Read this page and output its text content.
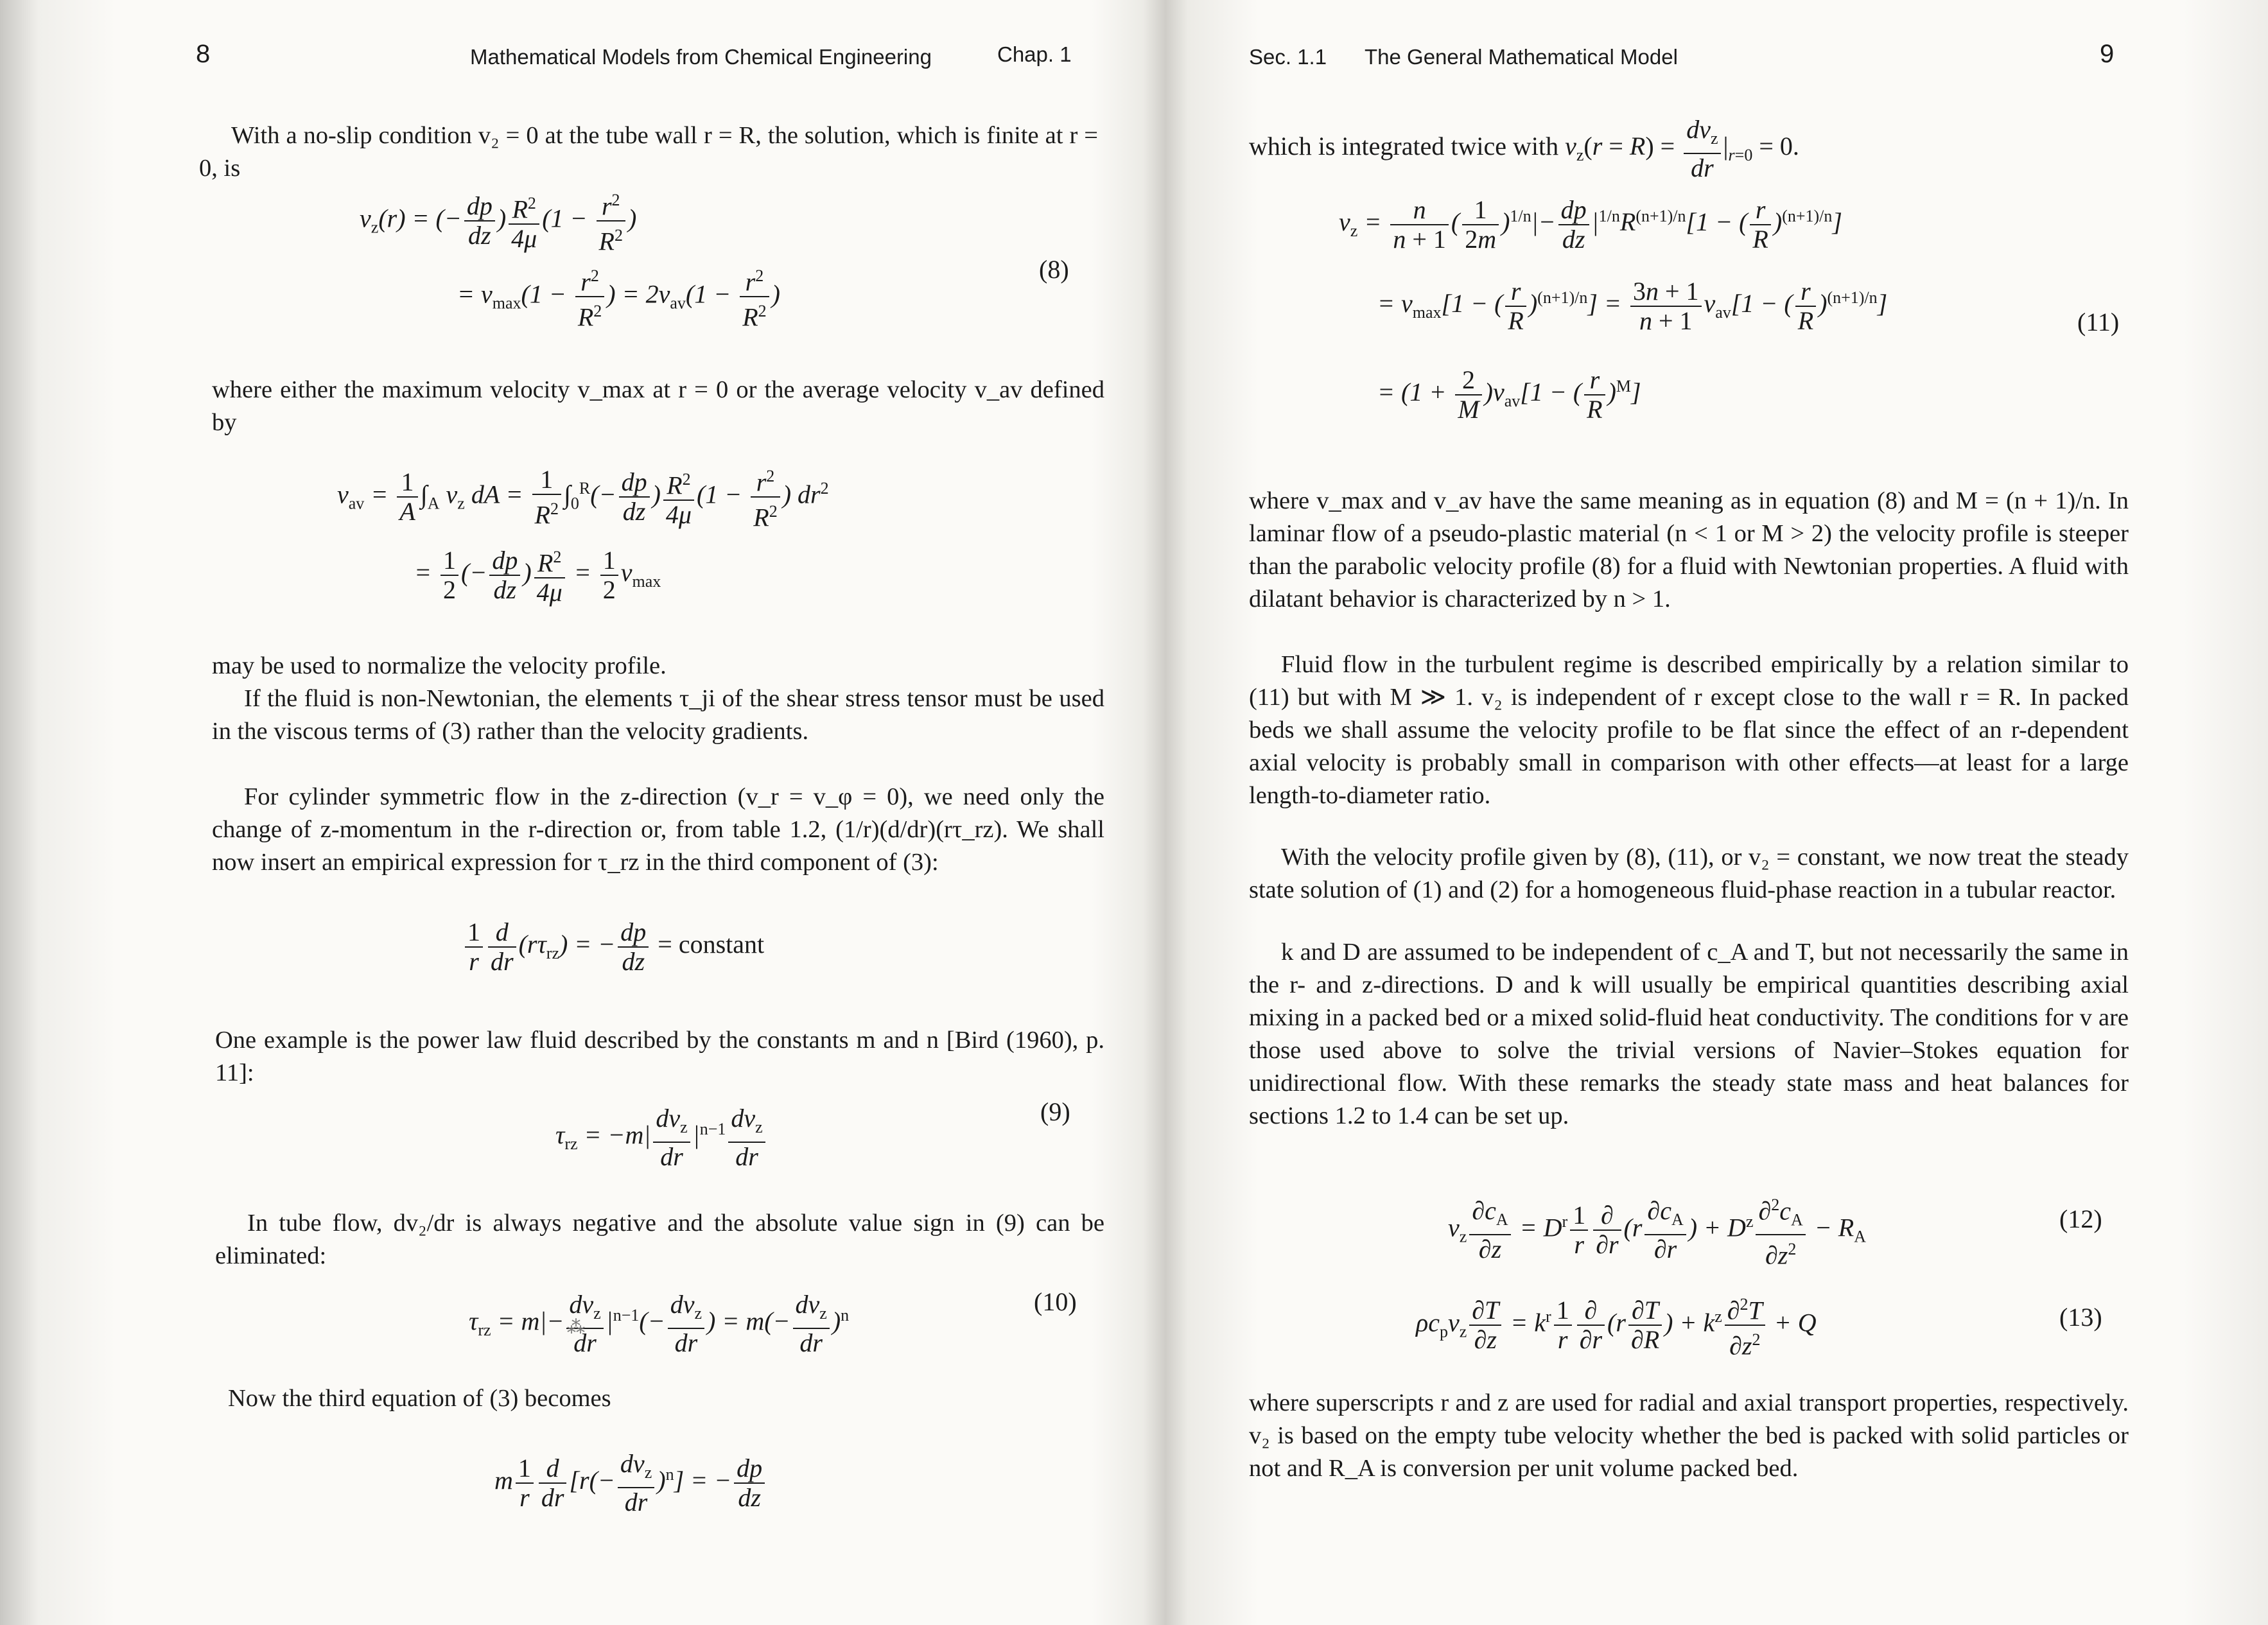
8	Mathematical Models from Chemical Engineering	Chap. 1

With a no-slip condition v₂ = 0 at the tube wall r = R, the solution, which is finite at r = 0, is

$v_z(r)$ = (− $\frac{dp}{dz}$ ) $\frac{R^2}{4\mu} (1 - \frac{r^2}{R^2}$ )
= $v_{max}(1 - \frac{r^2}{R^2}$ ) = $2v_{av}(1 - \frac{r^2}{R^2}$ )
(8)

where either the maximum velocity v_max at r = 0 or the average velocity v_av defined by

$v_{av} = \frac{1}{A} \int_A$ $v_z$ dA = $\frac{1}{R^2} \int_0^R(- \frac{dp}{dz}$ ) $\frac{R^2}{4\mu} (1 - \frac{r^2}{R^2}$ ) $dr^2$
= $\frac{1}{2}$ (− $\frac{dp}{dz}$ ) $\frac{R^2}{4\mu} = \frac{1}{2} v_{max}$

may be used to normalize the velocity profile.

If the fluid is non-Newtonian, the elements τ_ji of the shear stress tensor must be used in the viscous terms of (3) rather than the velocity gradients.

For cylinder symmetric flow in the z-direction (v_r = v_φ = 0), we need only the change of z-momentum in the r-direction or, from table 1.2, (1/r)(d/dr)(rτ_rz). We shall now insert an empirical expression for τ_rz in the third component of (3):

$\frac{1}{r} \frac{d}{dr} (r\tau_{rz})$ = − $\frac{dp}{dz}$ = constant

One example is the power law fluid described by the constants m and n [Bird (1960), p. 11]:

$\tau_{rz} = -m| \frac{dv_z}{dr} |^{n-1} \frac{dv_z}{dr}$	(9)

In tube flow, dv₂/dr is always negative and the absolute value sign in (9) can be eliminated:

$\tau_{rz} = m|- \frac{dv_z}{dr} |^{n-1}(- \frac{dv_z}{dr}$ ) = $m(- \frac{dv_z}{dr} )^n$	(10)
⁂

Now the third equation of (3) becomes

m $\frac{1}{r} \frac{d}{dr} [r(- \frac{dv_z}{dr} )^n]$ = − $\frac{dp}{dz}$
Sec. 1.1 The General Mathematical Model	9
which is integrated twice with $v_z(r = R) = \frac{dv_z}{dr} |_{r=0} = 0$.
$v_z = \frac{n}{n + 1}$ ( $\frac{1}{2m} )^{1/n}|- \frac{dp}{dz} |^{1/n}R^{(n+1)/n}[1$ − ( $\frac{r}{R} )^{(n+1)/n}$]
= $v_{max}[1$ − ( $\frac{r}{R} )^{(n+1)/n}] = \frac{3n + 1}{n + 1} v_{av}[1$ − ( $\frac{r}{R} )^{(n+1)/n}$]
(11)
= $(1 + \frac{2}{M} )v_{av}[1$ − ( $\frac{r}{R} )^M$]

where v_max and v_av have the same meaning as in equation (8) and M = (n + 1)/n. In laminar flow of a pseudo-plastic material (n < 1 or M > 2) the velocity profile is steeper than the parabolic velocity profile (8) for a fluid with Newtonian properties. A fluid with dilatant behavior is characterized by n > 1.

Fluid flow in the turbulent regime is described empirically by a relation similar to (11) but with M ≫ 1. v₂ is independent of r except close to the wall r = R. In packed beds we shall assume the velocity profile to be flat since the effect of an r-dependent axial velocity is probably small in comparison with other effects—at least for a large length-to-diameter ratio.

With the velocity profile given by (8), (11), or v₂ = constant, we now treat the steady state solution of (1) and (2) for a homogeneous fluid-phase reaction in a tubular reactor.

k and D are assumed to be independent of c_A and T, but not necessarily the same in the r- and z-directions. D and k will usually be empirical quantities describing axial mixing in a packed bed or a mixed solid-fluid heat conductivity. The conditions for v are those used above to solve the trivial versions of Navier–Stokes equation for unidirectional flow. With these remarks the steady state mass and heat balances for sections 1.2 to 1.4 can be set up.

$v_z \frac{\partial c_A}{\partial z} = D^r \frac{1}{r} \frac{\partial}{\partial r} (r \frac{\partial c_A}{\partial r}$ ) + $D^z \frac{\partial^2c_A}{\partial z^2} - R_A$
(12)
$\rho c_pv_z \frac{\partial T}{\partial z} = k^r \frac{1}{r} \frac{\partial}{\partial r} (r \frac{\partial T}{\partial R}$ ) + $k^z \frac{\partial^2T}{\partial z^2} + Q$	(13)

where superscripts r and z are used for radial and axial transport properties, respectively. v₂ is based on the empty tube velocity whether the bed is packed with solid particles or not and R_A is conversion per unit volume packed bed.
